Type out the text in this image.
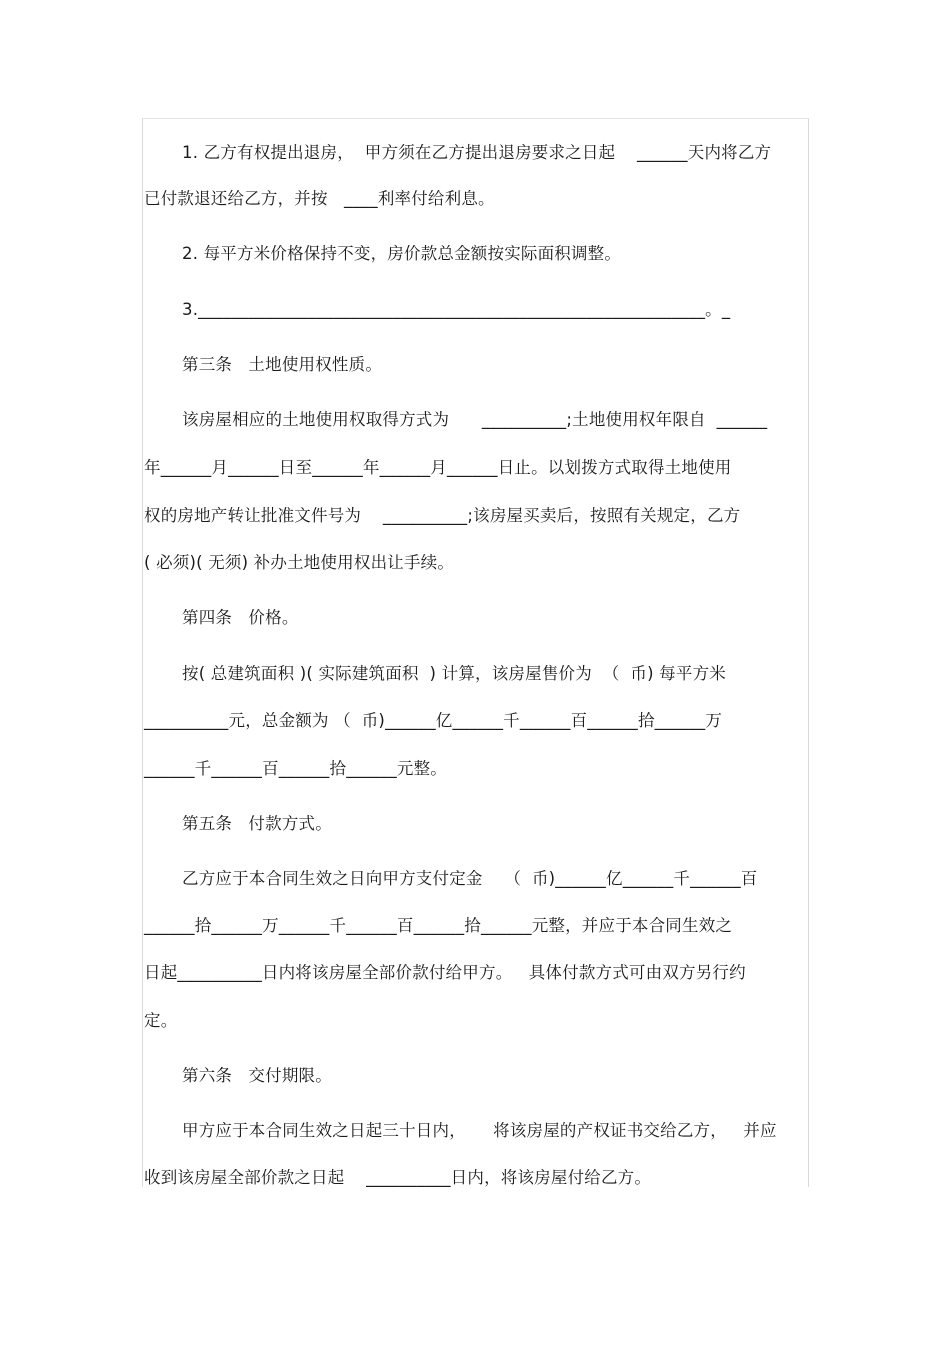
1. 乙方有权提出退房，  甲方须在乙方提出退房要求之日起    ______天内将乙方
已付款退还给乙方，并按   ____利率付给利息。
2. 每平方米价格保持不变，房价款总金额按实际面积调整。
3.____________________________________________________________。_
第三条   土地使用权性质。
该房屋相应的土地使用权取得方式为      __________;土地使用权年限自  ______
年______月______日至______年______月______日止。以划拨方式取得土地使用
权的房地产转让批准文件号为    __________;该房屋买卖后，按照有关规定，乙方
( 必须)( 无须) 补办土地使用权出让手续。
第四条   价格。
按( 总建筑面积 )( 实际建筑面积  ) 计算，该房屋售价为  （  币) 每平方米
__________元，总金额为 （  币)______亿______千______百______拾______万
______千______百______拾______元整。
第五条   付款方式。
乙方应于本合同生效之日向甲方支付定金    （  币)______亿______千______百
______拾______万______千______百______拾______元整，并应于本合同生效之
日起__________日内将该房屋全部价款付给甲方。   具体付款方式可由双方另行约
定。
第六条   交付期限。
甲方应于本合同生效之日起三十日内，     将该房屋的产权证书交给乙方，   并应
收到该房屋全部价款之日起    __________日内，将该房屋付给乙方。
